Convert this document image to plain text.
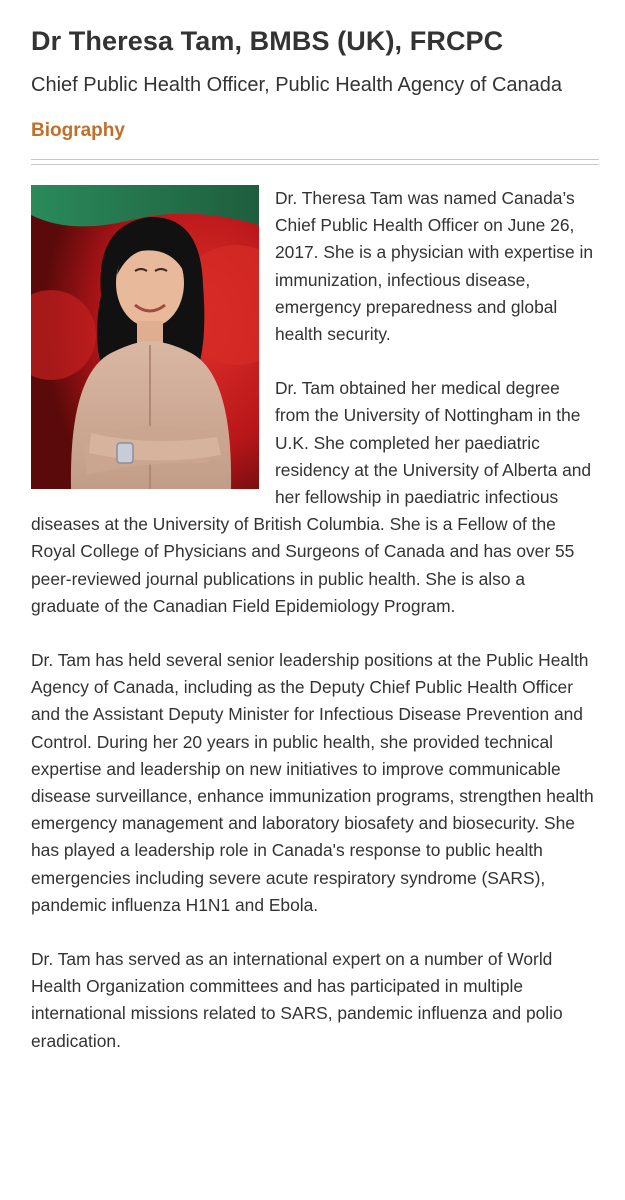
Dr Theresa Tam, BMBS (UK), FRCPC
Chief Public Health Officer, Public Health Agency of Canada
Biography

Dr. Theresa Tam was named Canada’s Chief Public Health Officer on June 26, 2017. She is a physician with expertise in immunization, infectious disease, emergency preparedness and global health security.

Dr. Tam obtained her medical degree from the University of Nottingham in the U.K. She completed her paediatric residency at the University of Alberta and her fellowship in paediatric infectious diseases at the University of British Columbia. She is a Fellow of the Royal College of Physicians and Surgeons of Canada and has over 55 peer-reviewed journal publications in public health. She is also a graduate of the Canadian Field Epidemiology Program.

Dr. Tam has held several senior leadership positions at the Public Health Agency of Canada, including as the Deputy Chief Public Health Officer and the Assistant Deputy Minister for Infectious Disease Prevention and Control. During her 20 years in public health, she provided technical expertise and leadership on new initiatives to improve communicable disease surveillance, enhance immunization programs, strengthen health emergency management and laboratory biosafety and biosecurity. She has played a leadership role in Canada's response to public health emergencies including severe acute respiratory syndrome (SARS), pandemic influenza H1N1 and Ebola.

Dr. Tam has served as an international expert on a number of World Health Organization committees and has participated in multiple international missions related to SARS, pandemic influenza and polio eradication.
